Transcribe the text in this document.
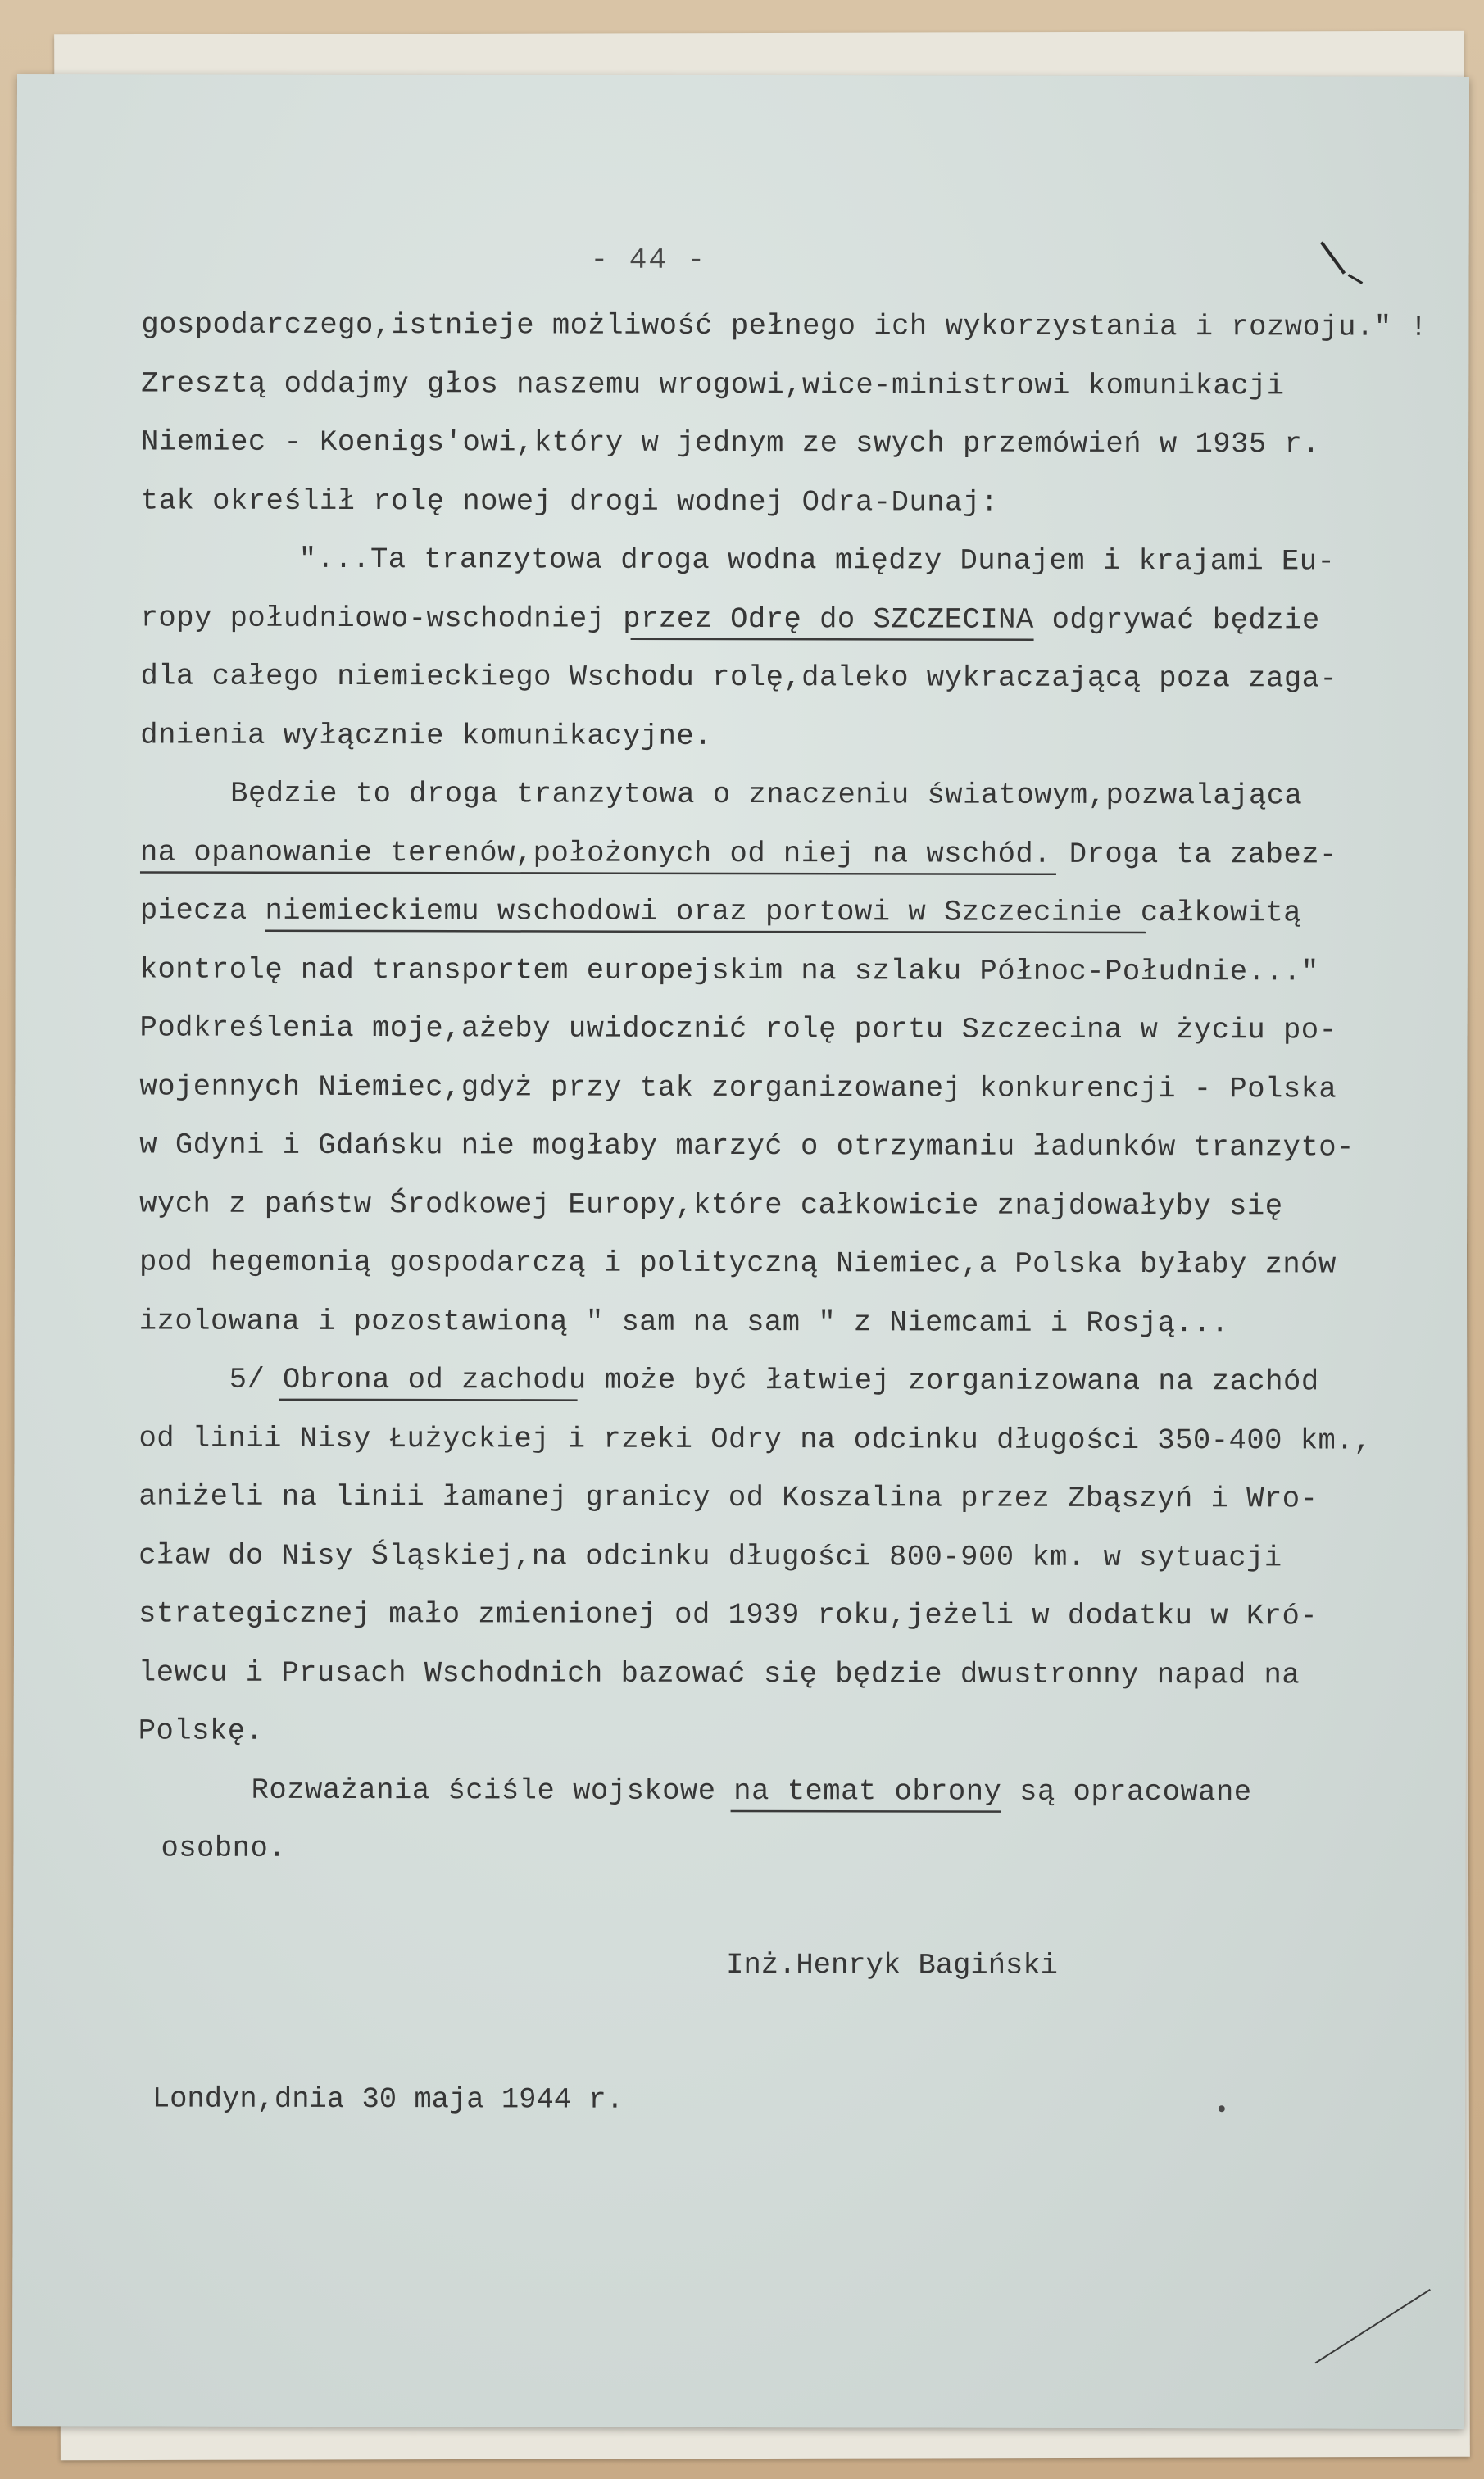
- 44 -
gospodarczego,istnieje możliwość pełnego ich wykorzystania i rozwoju." !
Zresztą oddajmy głos naszemu wrogowi,wice-ministrowi komunikacji
Niemiec - Koenigs'owi,który w jednym ze swych przemówień w 1935 r.
tak określił rolę nowej drogi wodnej Odra-Dunaj:
"...Ta tranzytowa droga wodna między Dunajem i krajami Eu-
ropy południowo-wschodniej przez Odrę do SZCZECINA odgrywać będzie
dla całego niemieckiego Wschodu rolę,daleko wykraczającą poza zaga-
dnienia wyłącznie komunikacyjne.
Będzie to droga tranzytowa o znaczeniu światowym,pozwalająca
na opanowanie terenów,położonych od niej na wschód. Droga ta zabez-
piecza niemieckiemu wschodowi oraz portowi w Szczecinie całkowitą
kontrolę nad transportem europejskim na szlaku Północ-Południe..."
Podkreślenia moje,ażeby uwidocznić rolę portu Szczecina w życiu po-
wojennych Niemiec,gdyż przy tak zorganizowanej konkurencji - Polska
w Gdyni i Gdańsku nie mogłaby marzyć o otrzymaniu ładunków tranzyto-
wych z państw Środkowej Europy,które całkowicie znajdowałyby się
pod hegemonią gospodarczą i polityczną Niemiec,a Polska byłaby znów
izolowana i pozostawioną " sam na sam " z Niemcami i Rosją...
5/ Obrona od zachodu może być łatwiej zorganizowana na zachód
od linii Nisy Łużyckiej i rzeki Odry na odcinku długości 350-400 km.,
aniżeli na linii łamanej granicy od Koszalina przez Zbąszyń i Wro-
cław do Nisy Śląskiej,na odcinku długości 800-900 km. w sytuacji
strategicznej mało zmienionej od 1939 roku,jeżeli w dodatku w Kró-
lewcu i Prusach Wschodnich bazować się będzie dwustronny napad na
Polskę.
Rozważania ściśle wojskowe na temat obrony są opracowane
osobno.
Inż.Henryk Bagiński
Londyn,dnia 30 maja 1944 r.
